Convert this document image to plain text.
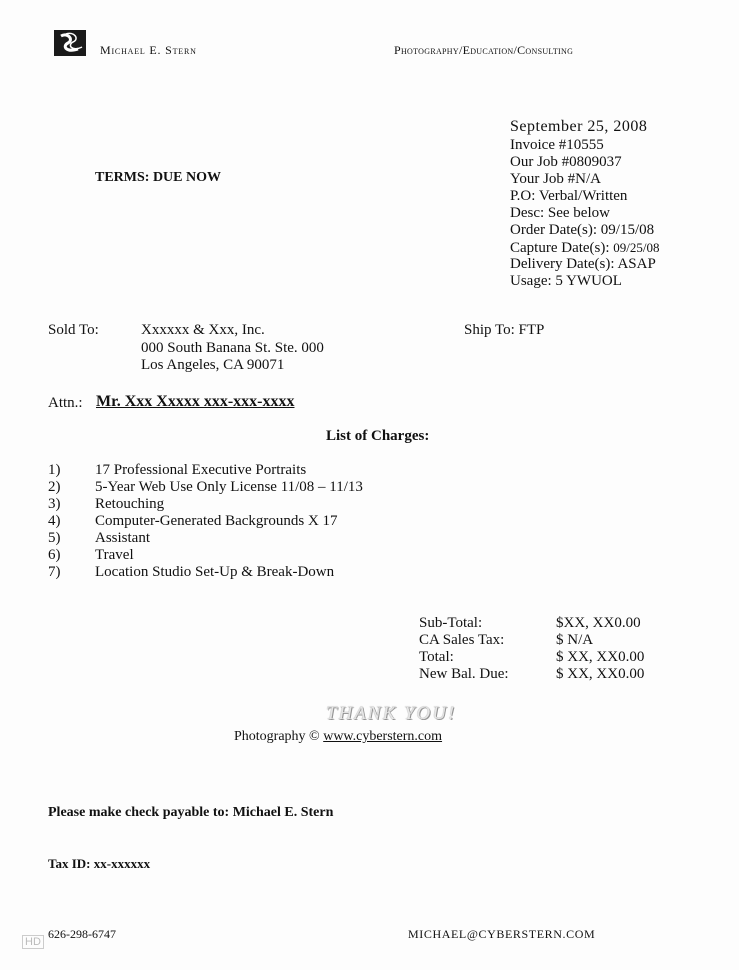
Michael E. Stern	Photography/Education/Consulting
September 25, 2008
Invoice #10555
Our Job #0809037
Your Job #N/A
P.O: Verbal/Written
Desc: See below
Order Date(s): 09/15/08
Capture Date(s): 09/25/08
Delivery Date(s): ASAP
Usage: 5 YWUOL
TERMS: DUE NOW
Sold To:	Xxxxxx & Xxx, Inc.
000 South Banana St. Ste. 000
Los Angeles, CA 90071
Ship To: FTP
Attn.: Mr. Xxx Xxxxx xxx-xxx-xxxx
List of Charges:
1) 17 Professional Executive Portraits
2) 5-Year Web Use Only License 11/08 – 11/13
3) Retouching
4) Computer-Generated Backgrounds X 17
5) Assistant
6) Travel
7) Location Studio Set-Up & Break-Down
Sub-Total:	$XX, XX0.00
CA Sales Tax:	$ N/A
Total:	$ XX, XX0.00
New Bal. Due:	$ XX, XX0.00
THANK YOU!
Photography © www.cyberstern.com
Please make check payable to: Michael E. Stern
Tax ID: xx-xxxxxx
626-298-6747	MICHAEL@CYBERSTERN.COM
HD
